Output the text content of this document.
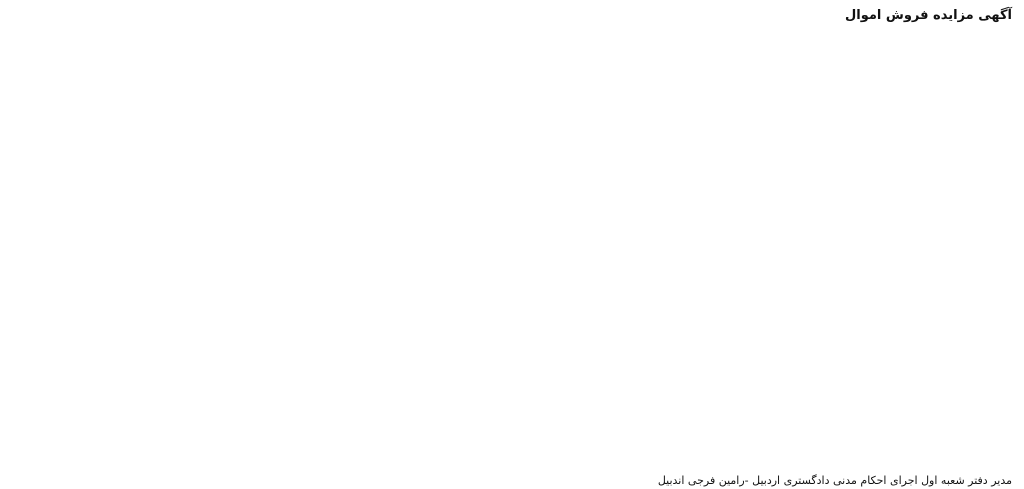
آگهی مزایده فروش اموال

مدیر دفتر شعبه اول اجرای احکام مدنی دادگستری اردبیل -رامین فرجی اندبیل
